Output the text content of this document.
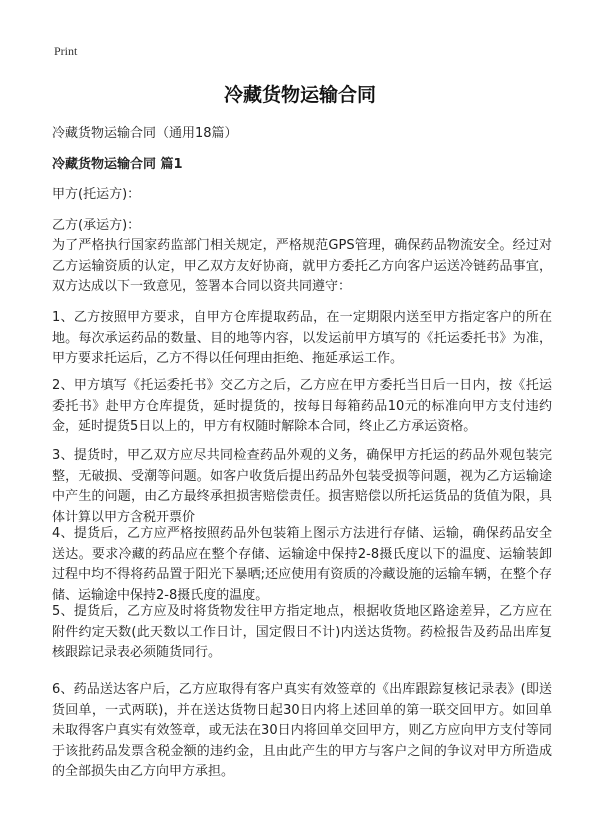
Print
冷藏货物运输合同
冷藏货物运输合同（通用18篇）
冷藏货物运输合同 篇1
甲方(托运方)：
乙方(承运方)：

为了严格执行国家药监部门相关规定，严格规范GPS管理，确保药品物流安全。经过对乙方运输资质的认定，甲乙双方友好协商，就甲方委托乙方向客户运送冷链药品事宜，双方达成以下一致意见，签署本合同以资共同遵守：

1、乙方按照甲方要求，自甲方仓库提取药品，在一定期限内送至甲方指定客户的所在地。每次承运药品的数量、目的地等内容，以发运前甲方填写的《托运委托书》为准，甲方要求托运后，乙方不得以任何理由拒绝、拖延承运工作。

2、甲方填写《托运委托书》交乙方之后，乙方应在甲方委托当日后一日内，按《托运委托书》赴甲方仓库提货，延时提货的，按每日每箱药品10元的标准向甲方支付违约金，延时提货5日以上的，甲方有权随时解除本合同，终止乙方承运资格。

3、提货时，甲乙双方应尽共同检查药品外观的义务，确保甲方托运的药品外观包装完整，无破损、受潮等问题。如客户收货后提出药品外包装受损等问题，视为乙方运输途中产生的问题，由乙方最终承担损害赔偿责任。损害赔偿以所托运货品的货值为限，具体计算以甲方含税开票价

4、提货后，乙方应严格按照药品外包装箱上图示方法进行存储、运输，确保药品安全送达。要求冷藏的药品应在整个存储、运输途中保持2-8摄氏度以下的温度、运输装卸过程中均不得将药品置于阳光下暴晒;还应使用有资质的冷藏设施的运输车辆，在整个存储、运输途中保持2-8摄氏度的温度。

5、提货后，乙方应及时将货物发往甲方指定地点，根据收货地区路途差异，乙方应在附件约定天数(此天数以工作日计，国定假日不计)内送达货物。药检报告及药品出库复核跟踪记录表必须随货同行。

6、药品送达客户后，乙方应取得有客户真实有效签章的《出库跟踪复核记录表》(即送货回单，一式两联)，并在送达货物日起30日内将上述回单的第一联交回甲方。如回单未取得客户真实有效签章，或无法在30日内将回单交回甲方，则乙方应向甲方支付等同于该批药品发票含税金额的违约金，且由此产生的甲方与客户之间的争议对甲方所造成的全部损失由乙方向甲方承担。
